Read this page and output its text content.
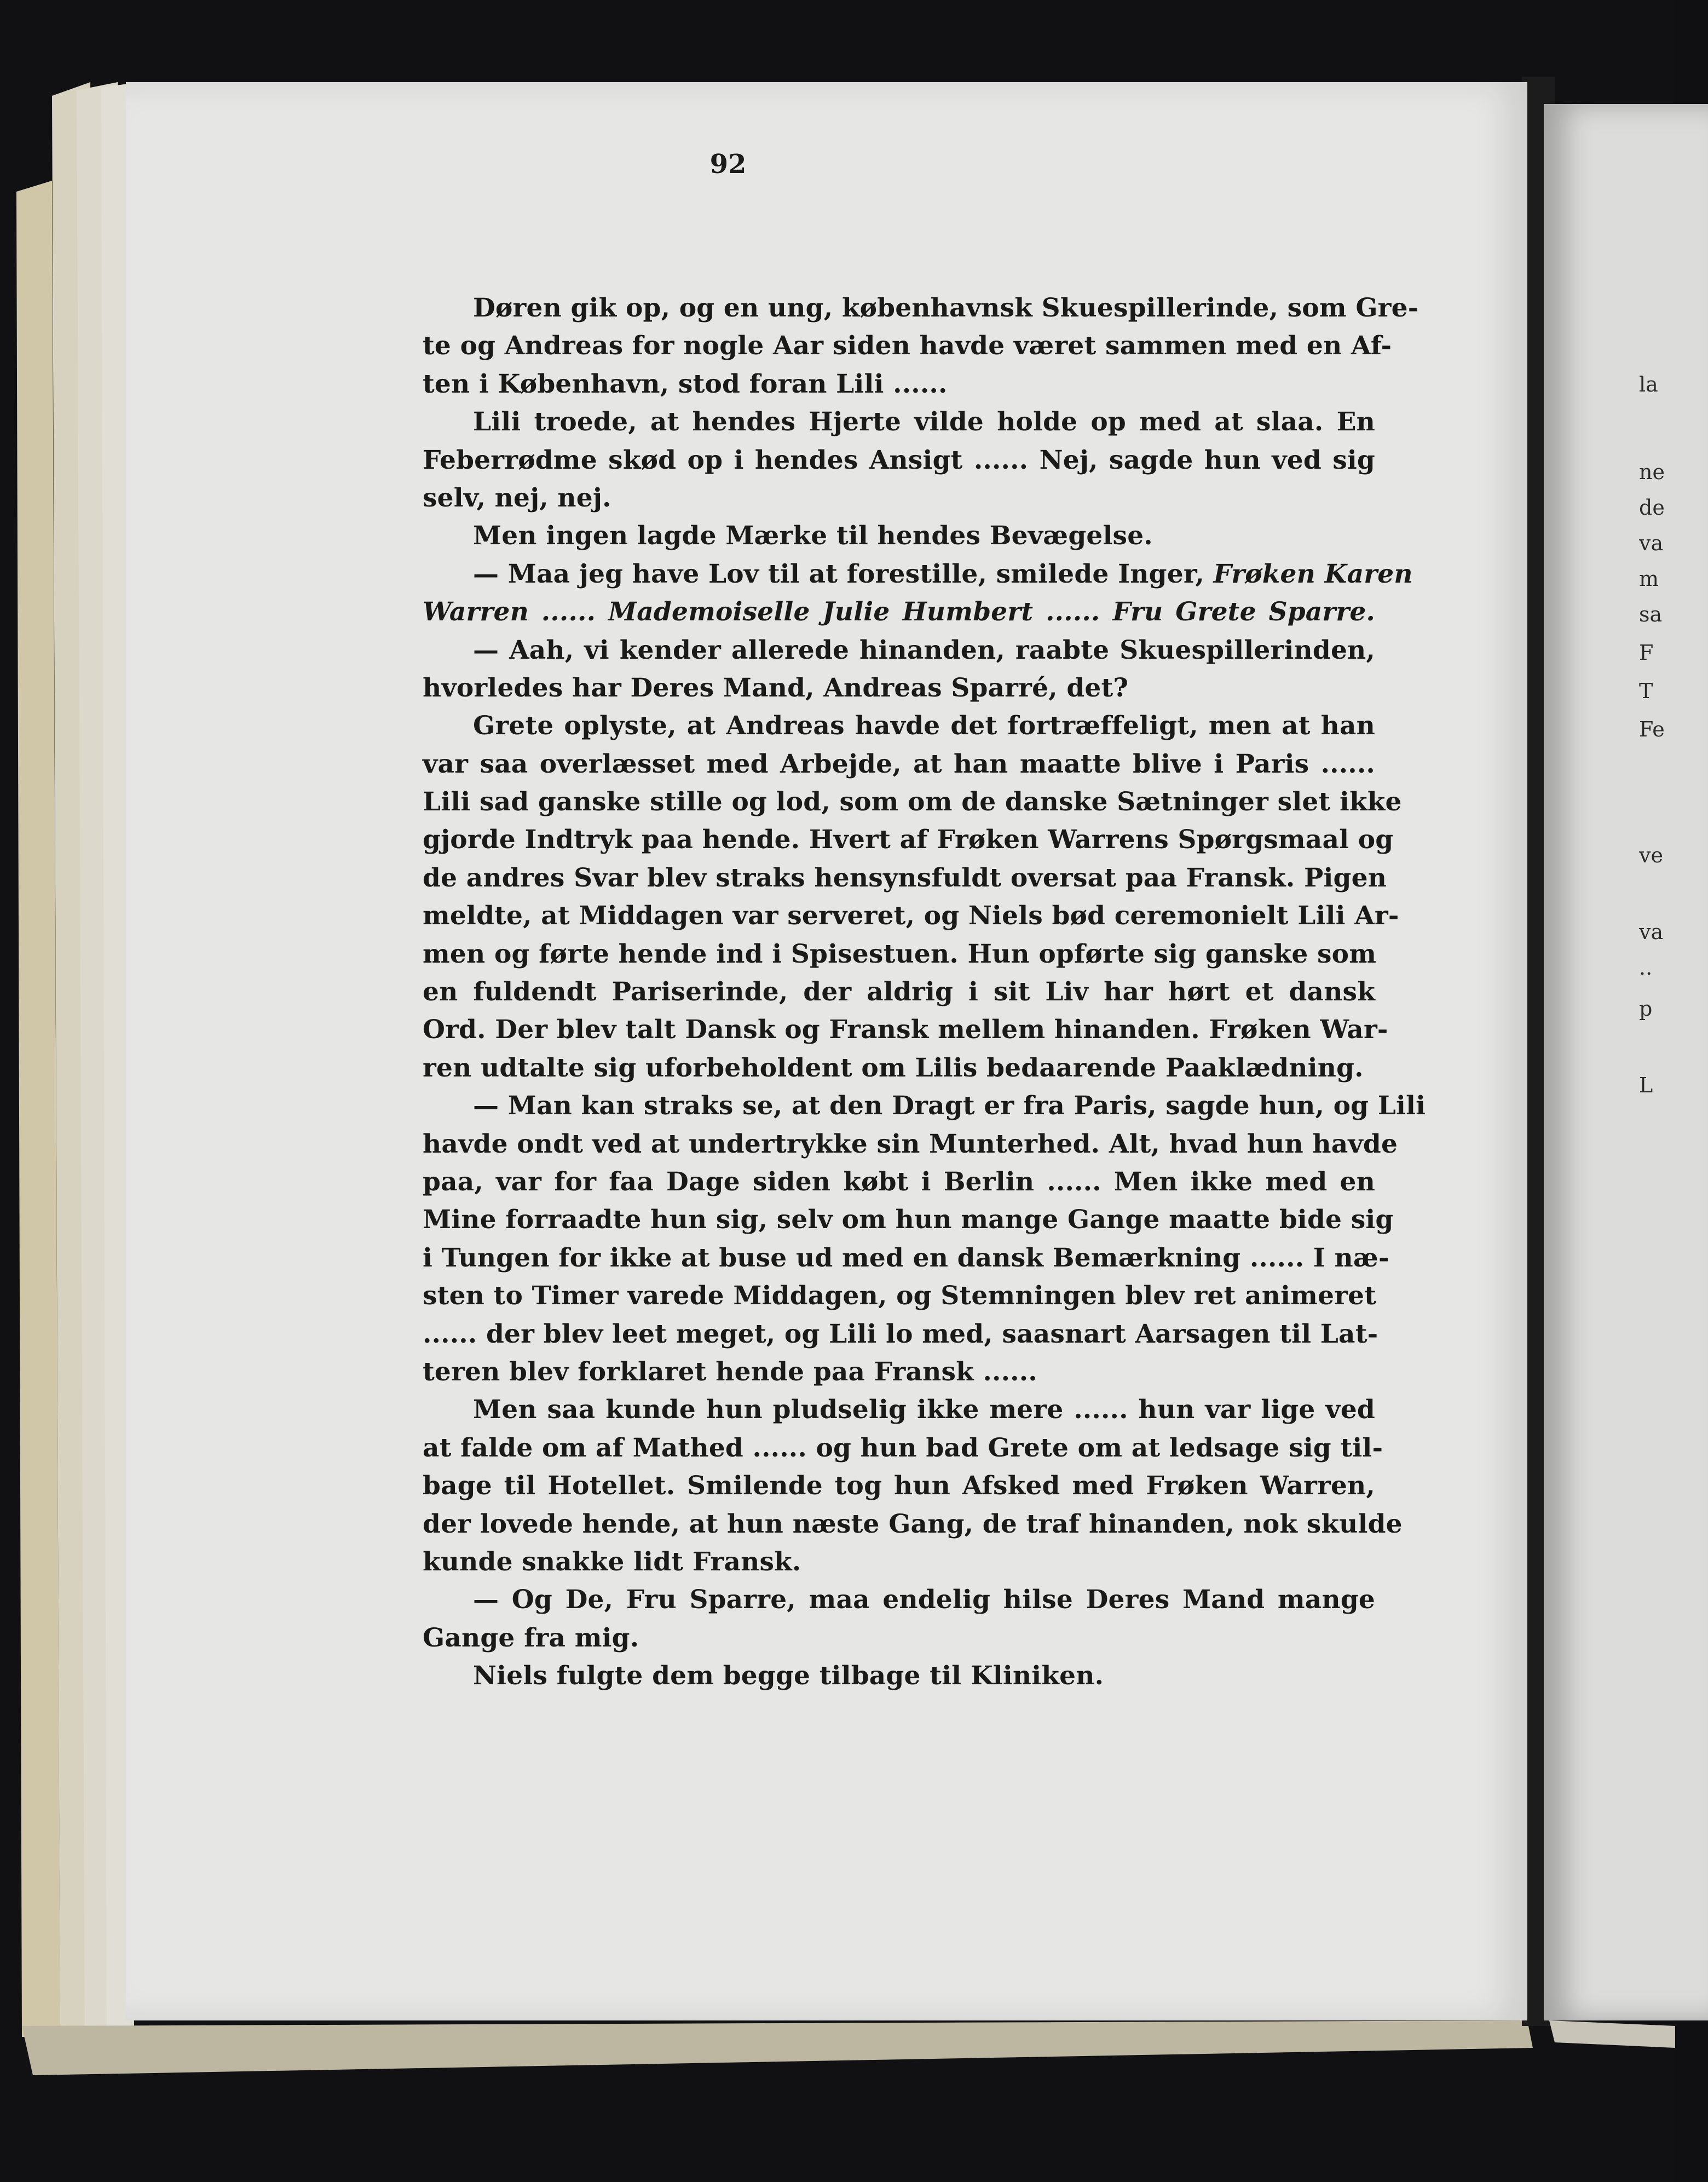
92
Døren gik op, og en ung, københavnsk Skuespillerinde, som Gre-
te og Andreas for nogle Aar siden havde været sammen med en Af-
ten i København, stod foran Lili ......
Lili troede, at hendes Hjerte vilde holde op med at slaa. En
Feberrødme skød op i hendes Ansigt ...... Nej, sagde hun ved sig
selv, nej, nej.
Men ingen lagde Mærke til hendes Bevægelse.
— Maa jeg have Lov til at forestille, smilede Inger, Frøken Karen
Warren ...... Mademoiselle Julie Humbert ...... Fru Grete Sparre.
— Aah, vi kender allerede hinanden, raabte Skuespillerinden,
hvorledes har Deres Mand, Andreas Sparré, det?
Grete oplyste, at Andreas havde det fortræffeligt, men at han
var saa overlæsset med Arbejde, at han maatte blive i Paris ......
Lili sad ganske stille og lod, som om de danske Sætninger slet ikke
gjorde Indtryk paa hende. Hvert af Frøken Warrens Spørgsmaal og
de andres Svar blev straks hensynsfuldt oversat paa Fransk. Pigen
meldte, at Middagen var serveret, og Niels bød ceremonielt Lili Ar-
men og førte hende ind i Spisestuen. Hun opførte sig ganske som
en fuldendt Pariserinde, der aldrig i sit Liv har hørt et dansk
Ord. Der blev talt Dansk og Fransk mellem hinanden. Frøken War-
ren udtalte sig uforbeholdent om Lilis bedaarende Paaklædning.
— Man kan straks se, at den Dragt er fra Paris, sagde hun, og Lili
havde ondt ved at undertrykke sin Munterhed. Alt, hvad hun havde
paa, var for faa Dage siden købt i Berlin ...... Men ikke med en
Mine forraadte hun sig, selv om hun mange Gange maatte bide sig
i Tungen for ikke at buse ud med en dansk Bemærkning ...... I næ-
sten to Timer varede Middagen, og Stemningen blev ret animeret
...... der blev leet meget, og Lili lo med, saasnart Aarsagen til Lat-
teren blev forklaret hende paa Fransk ......
Men saa kunde hun pludselig ikke mere ...... hun var lige ved
at falde om af Mathed ...... og hun bad Grete om at ledsage sig til-
bage til Hotellet. Smilende tog hun Afsked med Frøken Warren,
der lovede hende, at hun næste Gang, de traf hinanden, nok skulde
kunde snakke lidt Fransk.
— Og De, Fru Sparre, maa endelig hilse Deres Mand mange
Gange fra mig.
Niels fulgte dem begge tilbage til Kliniken.
la
ne
de
va
m
sa
F
T
Fe
ve
va
..
p
L
